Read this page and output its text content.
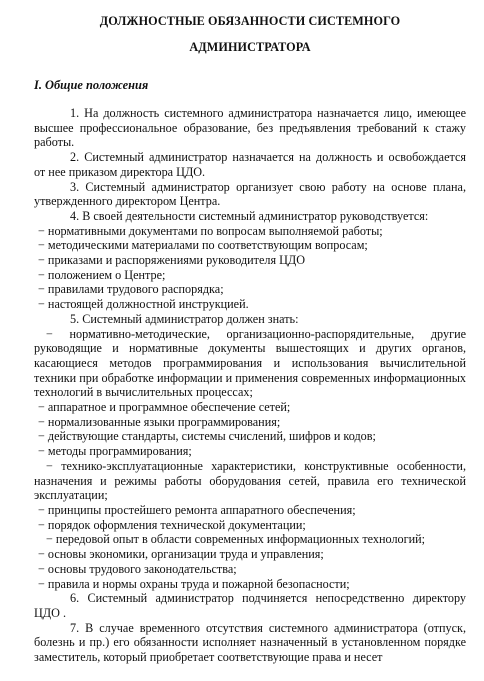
ДОЛЖНОСТНЫЕ ОБЯЗАННОСТИ СИСТЕМНОГО

АДМИНИСТРАТОРА

I. Общие положения

1. На должность системного администратора назначается лицо, имеющее высшее профессиональное образование, без предъявления требований к стажу работы.

2. Системный администратор назначается на должность и освобождается от нее приказом директора ЦДО.

3. Системный администратор организует свою работу на основе плана, утвержденного директором Центра.

4. В своей деятельности системный администратор руководствуется:

− нормативными документами по вопросам выполняемой работы;

− методическими материалами по соответствующим вопросам;

− приказами и распоряжениями руководителя ЦДО

− положением о Центре;

− правилами трудового распорядка;

− настоящей должностной инструкцией.

5. Системный администратор должен знать:

− нормативно-методические, организационно-распорядительные, другие руководящие и нормативные документы вышестоящих и других органов, касающиеся методов программирования и использования вычислительной техники при обработке информации и применения современных информационных технологий в вычислительных процессах;

− аппаратное и программное обеспечение сетей;

− нормализованные языки программирования;

− действующие стандарты, системы счислений, шифров и кодов;

− методы программирования;

− технико-эксплуатационные характеристики, конструктивные особенности, назначения и режимы работы оборудования сетей, правила его технической эксплуатации;

− принципы простейшего ремонта аппаратного обеспечения;

− порядок оформления технической документации;

− передовой опыт в области современных информационных технологий;

− основы экономики, организации труда и управления;

− основы трудового законодательства;

− правила и нормы охраны труда и пожарной безопасности;

6. Системный администратор подчиняется непосредственно директору ЦДО .

7. В случае временного отсутствия системного администратора (отпуск, болезнь и пр.) его обязанности исполняет назначенный в установленном порядке заместитель, который приобретает соответствующие права и несет
